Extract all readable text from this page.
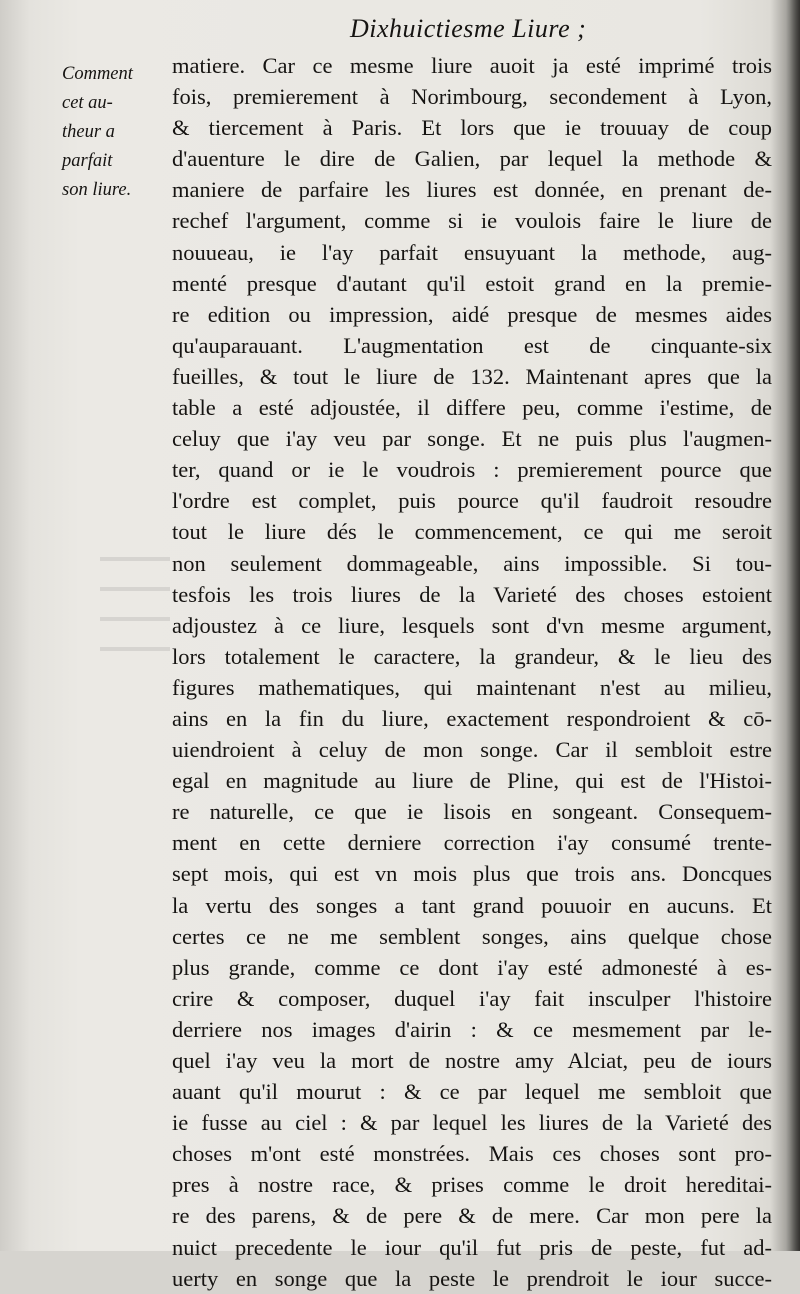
Dixhuictiesme Liure ;
Comment
cet au-
theur a
parfait
son liure.
matiere. Car ce mesme liure auoit ja esté imprimé trois
fois, premierement à Norimbourg, secondement à Lyon,
& tiercement à Paris. Et lors que ie trouuay de coup
d'auenture le dire de Galien, par lequel la methode &
maniere de parfaire les liures est donnée, en prenant de-
rechef l'argument, comme si ie voulois faire le liure de
nouueau, ie l'ay parfait ensuyuant la methode, aug-
menté presque d'autant qu'il estoit grand en la premie-
re edition ou impression, aidé presque de mesmes aides
qu'auparauant. L'augmentation est de cinquante-six
fueilles, & tout le liure de 132. Maintenant apres que la
table a esté adjoustée, il differe peu, comme i'estime, de
celuy que i'ay veu par songe. Et ne puis plus l'augmen-
ter, quand or ie le voudrois : premierement pource que
l'ordre est complet, puis pource qu'il faudroit resoudre
tout le liure dés le commencement, ce qui me seroit
non seulement dommageable, ains impossible. Si tou-
tesfois les trois liures de la Varieté des choses estoient
adjoustez à ce liure, lesquels sont d'vn mesme argument,
lors totalement le caractere, la grandeur, & le lieu des
figures mathematiques, qui maintenant n'est au milieu,
ains en la fin du liure, exactement respondroient & cō-
uiendroient à celuy de mon songe. Car il sembloit estre
egal en magnitude au liure de Pline, qui est de l'Histoi-
re naturelle, ce que ie lisois en songeant. Consequem-
ment en cette derniere correction i'ay consumé trente-
sept mois, qui est vn mois plus que trois ans. Doncques
la vertu des songes a tant grand pouuoir en aucuns. Et
certes ce ne me semblent songes, ains quelque chose
plus grande, comme ce dont i'ay esté admonesté à es-
crire & composer, duquel i'ay fait insculper l'histoire
derriere nos images d'airin : & ce mesmement par le-
quel i'ay veu la mort de nostre amy Alciat, peu de iours
auant qu'il mourut : & ce par lequel me sembloit que
ie fusse au ciel : & par lequel les liures de la Varieté des
choses m'ont esté monstrées. Mais ces choses sont pro-
pres à nostre race, & prises comme le droit hereditai-
re des parens, & de pere & de mere. Car mon pere la
nuict precedente le iour qu'il fut pris de peste, fut ad-
uerty en songe que la peste le prendroit le iour succe-
